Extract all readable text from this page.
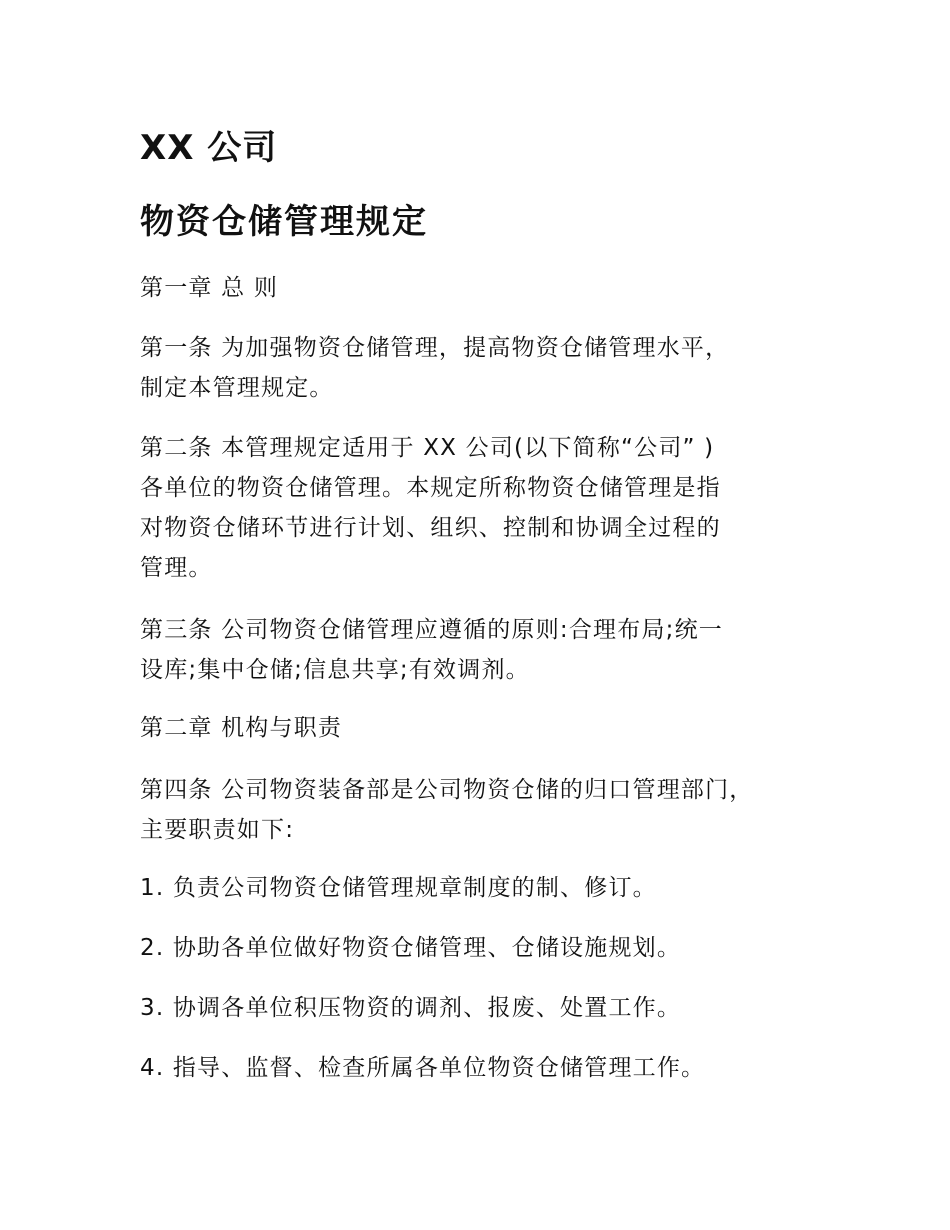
XX 公司
物资仓储管理规定

第一章 总 则

第一条 为加强物资仓储管理，提高物资仓储管理水平，
制定本管理规定。

第二条 本管理规定适用于 XX 公司(以下简称“公司” )
各单位的物资仓储管理。本规定所称物资仓储管理是指
对物资仓储环节进行计划、组织、控制和协调全过程的
管理。

第三条 公司物资仓储管理应遵循的原则:合理布局;统一
设库;集中仓储;信息共享;有效调剂。

第二章 机构与职责

第四条 公司物资装备部是公司物资仓储的归口管理部门，
主要职责如下:

1. 负责公司物资仓储管理规章制度的制、修订。

2. 协助各单位做好物资仓储管理、仓储设施规划。

3. 协调各单位积压物资的调剂、报废、处置工作。

4. 指导、监督、检查所属各单位物资仓储管理工作。
